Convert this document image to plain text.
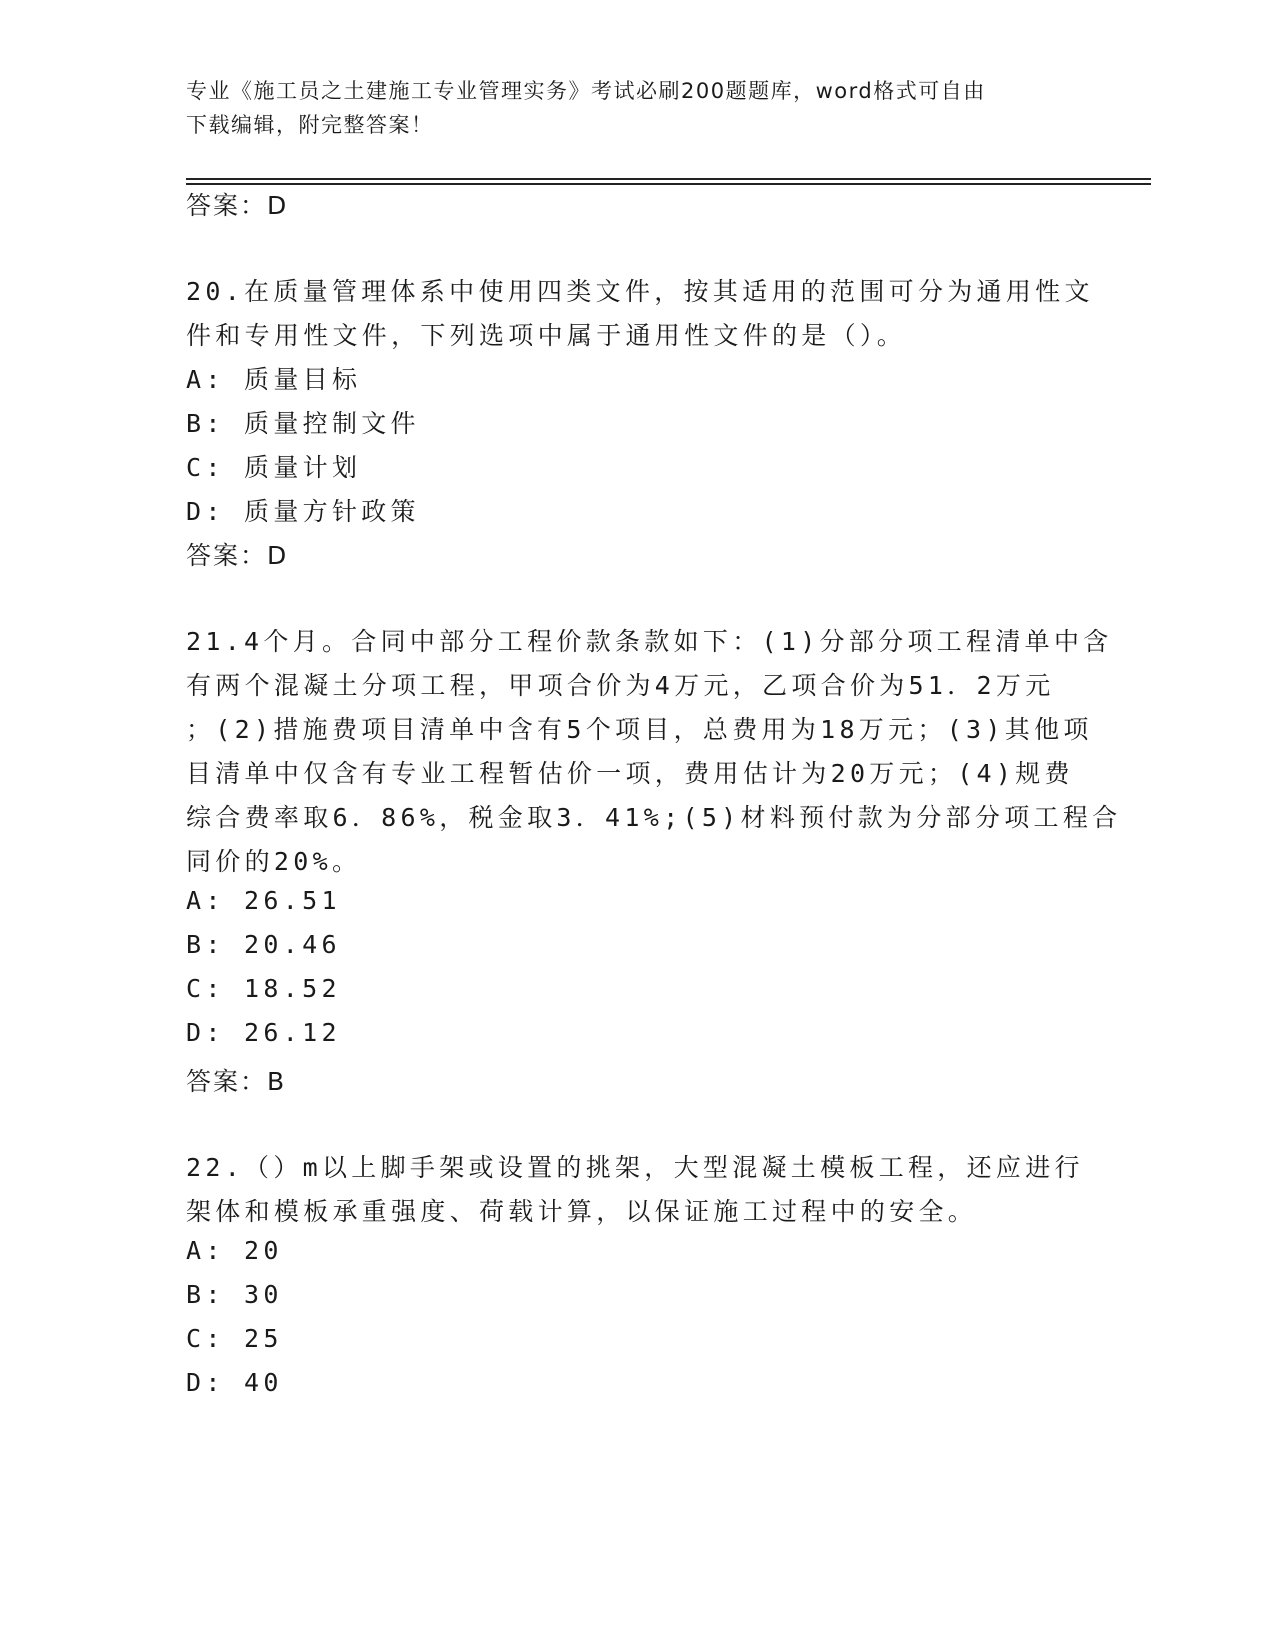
专业《施工员之土建施工专业管理实务》考试必刷200题题库，word格式可自由
下载编辑，附完整答案！
答案：D
20.在质量管理体系中使用四类文件，按其适用的范围可分为通用性文
件和专用性文件，下列选项中属于通用性文件的是（）。
A: 质量目标
B: 质量控制文件
C: 质量计划
D: 质量方针政策
答案：D
21.4个月。合同中部分工程价款条款如下：(1)分部分项工程清单中含
有两个混凝土分项工程，甲项合价为4万元，乙项合价为51．2万元
；(2)措施费项目清单中含有5个项目，总费用为18万元；(3)其他项
目清单中仅含有专业工程暂估价一项，费用估计为20万元；(4)规费
综合费率取6．86%，税金取3．41%;(5)材料预付款为分部分项工程合
同价的20%。
A: 26.51
B: 20.46
C: 18.52
D: 26.12
答案：B
22.（）m以上脚手架或设置的挑架，大型混凝土模板工程，还应进行
架体和模板承重强度、荷载计算，以保证施工过程中的安全。
A: 20
B: 30
C: 25
D: 40
